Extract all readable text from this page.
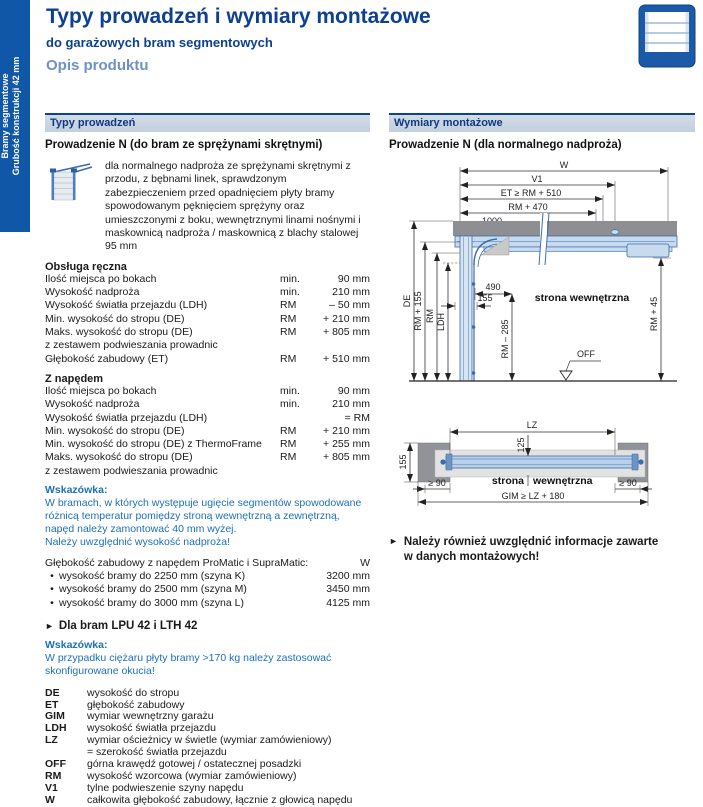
Bramy segmentowe Grubość konstrukcji 42 mm
Typy prowadzeń i wymiary montażowe
do garażowych bram segmentowych
Opis produktu
Typy prowadzeń
Prowadzenie N (do bram ze sprężynami skrętnymi)

dla normalnego nadproża ze sprężynami skrętnymi z przodu, z bębnami linek, sprawdzonym zabezpieczeniem przed opadnięciem płyty bramy spowodowanym pęknięciem sprężyny oraz umieszczonymi z boku, wewnętrznymi linami nośnymi i maskownicą nadproża / maskownicą z blachy stalowej 95 mm

Obsługa ręczna
Ilość miejsca po bokach	min.	90 mm
Wysokość nadproża	min.	210 mm
Wysokość światła przejazdu (LDH)	RM	– 50 mm
Min. wysokość do stropu (DE)	RM	+ 210 mm
Maks. wysokość do stropu (DE)	RM	+ 805 mm
z zestawem podwieszania prowadnic
Głębokość zabudowy (ET)	RM	+ 510 mm
Z napędem
Ilość miejsca po bokach	min.	90 mm
Wysokość nadproża	min.	210 mm
Wysokość światła przejazdu (LDH)	= RM
Min. wysokość do stropu (DE)	RM	+ 210 mm
Min. wysokość do stropu (DE) z ThermoFrame	RM	+ 255 mm
Maks. wysokość do stropu (DE)	RM	+ 805 mm
z zestawem podwieszania prowadnic
Wskazówka:
W bramach, w których występuje ugięcie segmentów spowodowane
różnicą temperatur pomiędzy stroną wewnętrzną a zewnętrzną,
napęd należy zamontować 40 mm wyżej.
Należy uwzględnić wysokość nadproża!
Głębokość zabudowy z napędem ProMatic i SupraMatic:	W
• wysokość bramy do 2250 mm (szyna K)	3200 mm
• wysokość bramy do 2500 mm (szyna M)	3450 mm
• wysokość bramy do 3000 mm (szyna L)	4125 mm
► Dla bram LPU 42 i LTH 42
Wskazówka:
W przypadku ciężaru płyty bramy >170 kg należy zastosować
skonfigurowane okucia!
DE	wysokość do stropu
ET	głębokość zabudowy
GIM	wymiar wewnętrzny garażu
LDH	wysokość światła przejazdu
LZ	wymiar ościeżnicy w świetle (wymiar zamówieniowy)
= szerokość światła przejazdu
OFF	górna krawędź gotowej / ostatecznej posadzki
RM	wysokość wzorcowa (wymiar zamówieniowy)
V1	tylne podwieszenie szyny napędu
W	całkowita głębokość zabudowy, łącznie z głowicą napędu
Wymiary montażowe
Prowadzenie N (dla normalnego nadproża)
W
V1
ET ≥ RM + 510
RM + 470
DE RM + 155 RM LDH
490
RM – 285
155	strona wewnętrzna
OFF
RM + 45
LZ
125
155
≥ 90	≥ 90
GIM ≥ LZ + 180
strona wewnętrzna
► Należy również uwzględnić informacje zawarte
w danych montażowych!
